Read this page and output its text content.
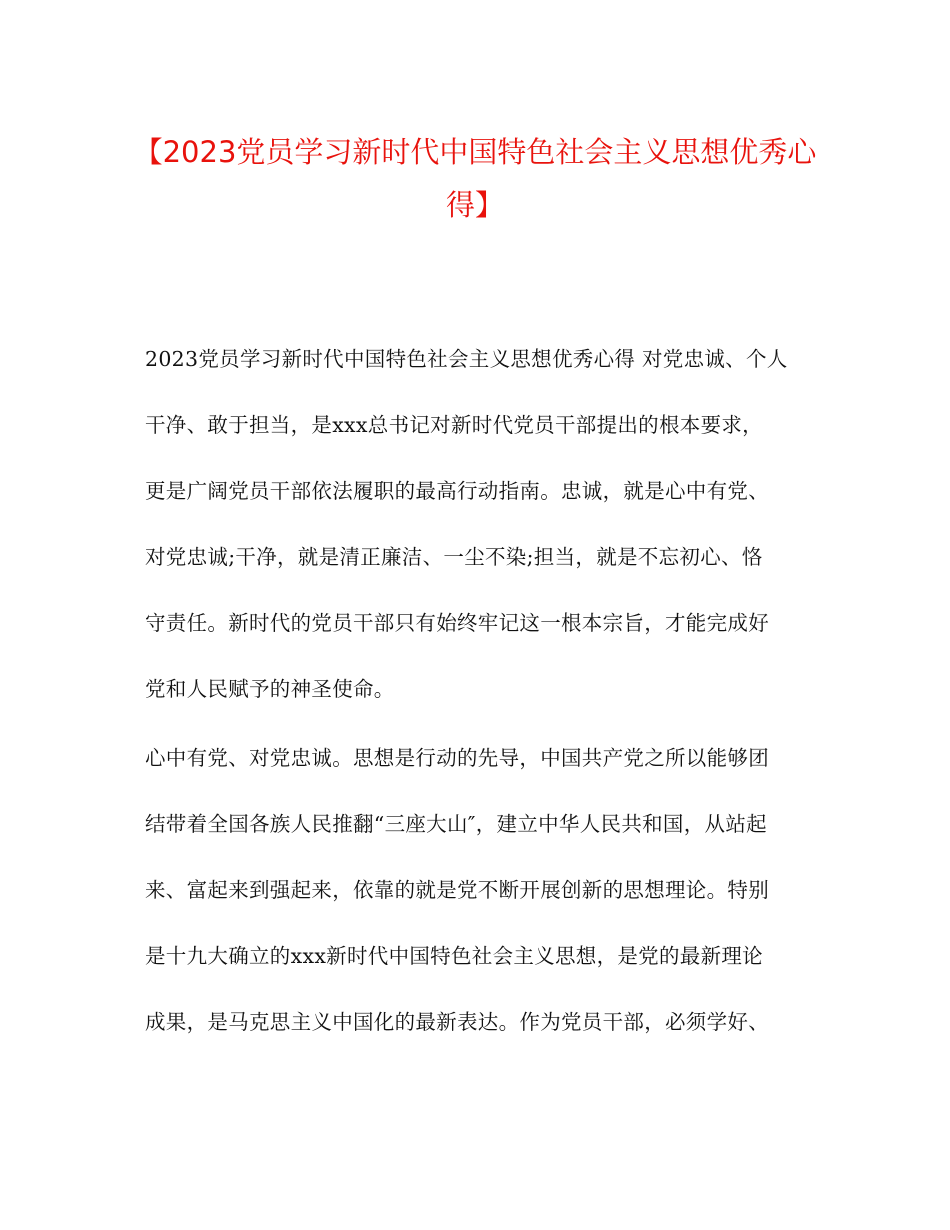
【2023党员学习新时代中国特色社会主义思想优秀心
得】
2023党员学习新时代中国特色社会主义思想优秀心得 对党忠诚、个人
干净、敢于担当，是xxx总书记对新时代党员干部提出的根本要求，
更是广阔党员干部依法履职的最高行动指南。忠诚，就是心中有党、
对党忠诚;干净，就是清正廉洁、一尘不染;担当，就是不忘初心、恪
守责任。新时代的党员干部只有始终牢记这一根本宗旨，才能完成好
党和人民赋予的神圣使命。
心中有党、对党忠诚。思想是行动的先导，中国共产党之所以能够团
结带着全国各族人民推翻“三座大山″，建立中华人民共和国，从站起
来、富起来到强起来，依靠的就是党不断开展创新的思想理论。特别
是十九大确立的xxx新时代中国特色社会主义思想，是党的最新理论
成果，是马克思主义中国化的最新表达。作为党员干部，必须学好、
